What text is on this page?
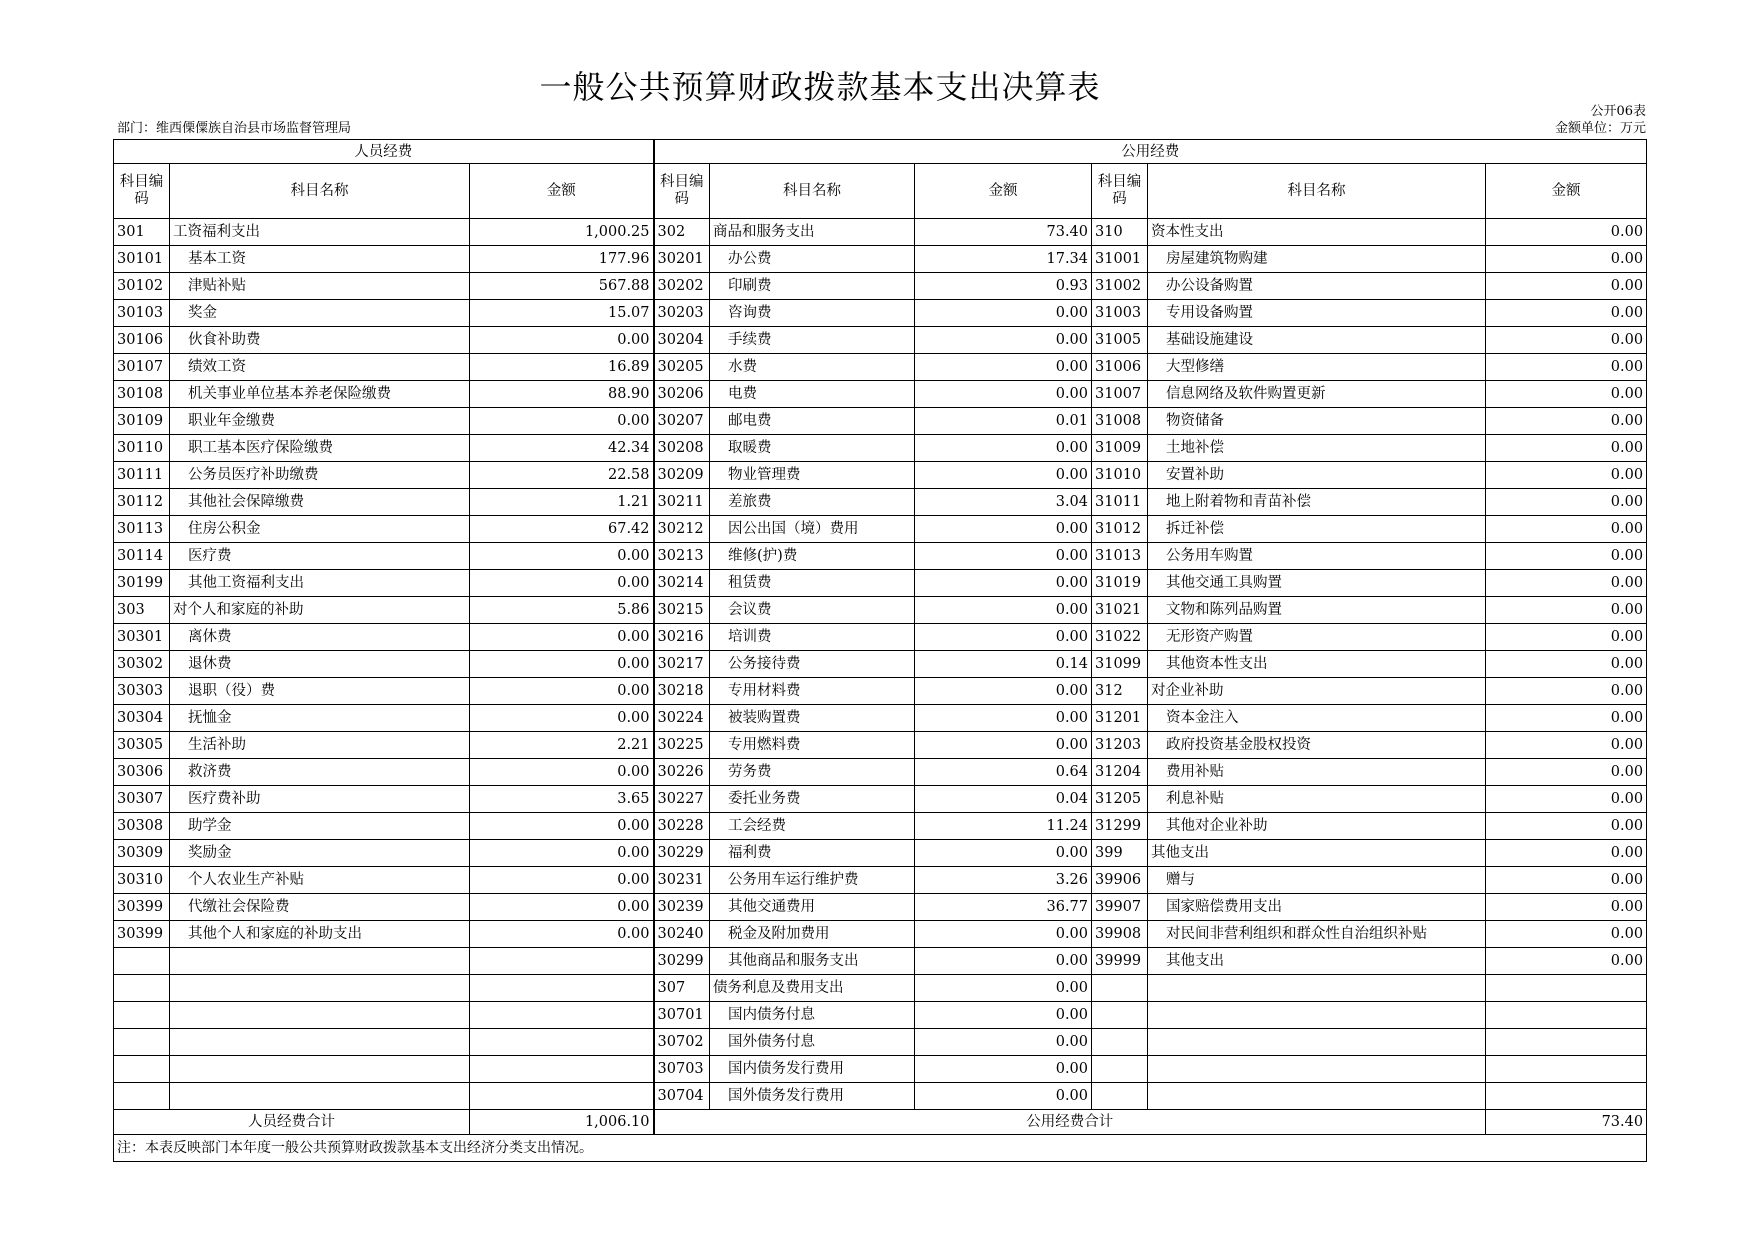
一般公共预算财政拨款基本支出决算表
部门：维西傈僳族自治县市场监督管理局
公开06表
金额单位：万元
人员经费			公用经费					
科目编码	科目名称	金额	科目编码	科目名称	金额	科目编码	科目名称	金额
301	工资福利支出	1,000.25	302	商品和服务支出	73.40	310	资本性支出	0.00
30101	基本工资	177.96	30201	办公费	17.34	31001	房屋建筑物购建	0.00
30102	津贴补贴	567.88	30202	印刷费	0.93	31002	办公设备购置	0.00
30103	奖金	15.07	30203	咨询费	0.00	31003	专用设备购置	0.00
30106	伙食补助费	0.00	30204	手续费	0.00	31005	基础设施建设	0.00
30107	绩效工资	16.89	30205	水费	0.00	31006	大型修缮	0.00
30108	机关事业单位基本养老保险缴费	88.90	30206	电费	0.00	31007	信息网络及软件购置更新	0.00
30109	职业年金缴费	0.00	30207	邮电费	0.01	31008	物资储备	0.00
30110	职工基本医疗保险缴费	42.34	30208	取暖费	0.00	31009	土地补偿	0.00
30111	公务员医疗补助缴费	22.58	30209	物业管理费	0.00	31010	安置补助	0.00
30112	其他社会保障缴费	1.21	30211	差旅费	3.04	31011	地上附着物和青苗补偿	0.00
30113	住房公积金	67.42	30212	因公出国（境）费用	0.00	31012	拆迁补偿	0.00
30114	医疗费	0.00	30213	维修(护)费	0.00	31013	公务用车购置	0.00
30199	其他工资福利支出	0.00	30214	租赁费	0.00	31019	其他交通工具购置	0.00
303	对个人和家庭的补助	5.86	30215	会议费	0.00	31021	文物和陈列品购置	0.00
30301	离休费	0.00	30216	培训费	0.00	31022	无形资产购置	0.00
30302	退休费	0.00	30217	公务接待费	0.14	31099	其他资本性支出	0.00
30303	退职（役）费	0.00	30218	专用材料费	0.00	312	对企业补助	0.00
30304	抚恤金	0.00	30224	被装购置费	0.00	31201	资本金注入	0.00
30305	生活补助	2.21	30225	专用燃料费	0.00	31203	政府投资基金股权投资	0.00
30306	救济费	0.00	30226	劳务费	0.64	31204	费用补贴	0.00
30307	医疗费补助	3.65	30227	委托业务费	0.04	31205	利息补贴	0.00
30308	助学金	0.00	30228	工会经费	11.24	31299	其他对企业补助	0.00
30309	奖励金	0.00	30229	福利费	0.00	399	其他支出	0.00
30310	个人农业生产补贴	0.00	30231	公务用车运行维护费	3.26	39906	赠与	0.00
30399	代缴社会保险费	0.00	30239	其他交通费用	36.77	39907	国家赔偿费用支出	0.00
30399	其他个人和家庭的补助支出	0.00	30240	税金及附加费用	0.00	39908	对民间非营利组织和群众性自治组织补贴	0.00
			30299	其他商品和服务支出	0.00	39999	其他支出	0.00
			307	债务利息及费用支出	0.00			
			30701	国内债务付息	0.00			
			30702	国外债务付息	0.00			
			30703	国内债务发行费用	0.00			
			30704	国外债务发行费用	0.00			
人员经费合计		1,006.10	公用经费合计					73.40
注：本表反映部门本年度一般公共预算财政拨款基本支出经济分类支出情况。								
